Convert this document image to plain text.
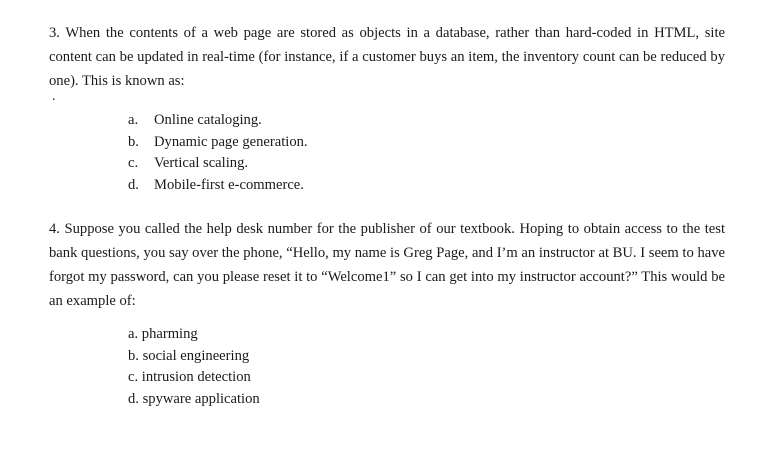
3. When the contents of a web page are stored as objects in a database, rather than hard-coded in HTML, site content can be updated in real-time (for instance, if a customer buys an item, the inventory count can be reduced by one). This is known as:

.
a. Online cataloging.
b. Dynamic page generation.
c. Vertical scaling.
d. Mobile-first e-commerce.

4. Suppose you called the help desk number for the publisher of our textbook. Hoping to obtain access to the test bank questions, you say over the phone, “Hello, my name is Greg Page, and I’m an instructor at BU. I seem to have forgot my password, can you please reset it to “Welcome1” so I can get into my instructor account?” This would be an example of:

a. pharming
b. social engineering
c. intrusion detection
d. spyware application
